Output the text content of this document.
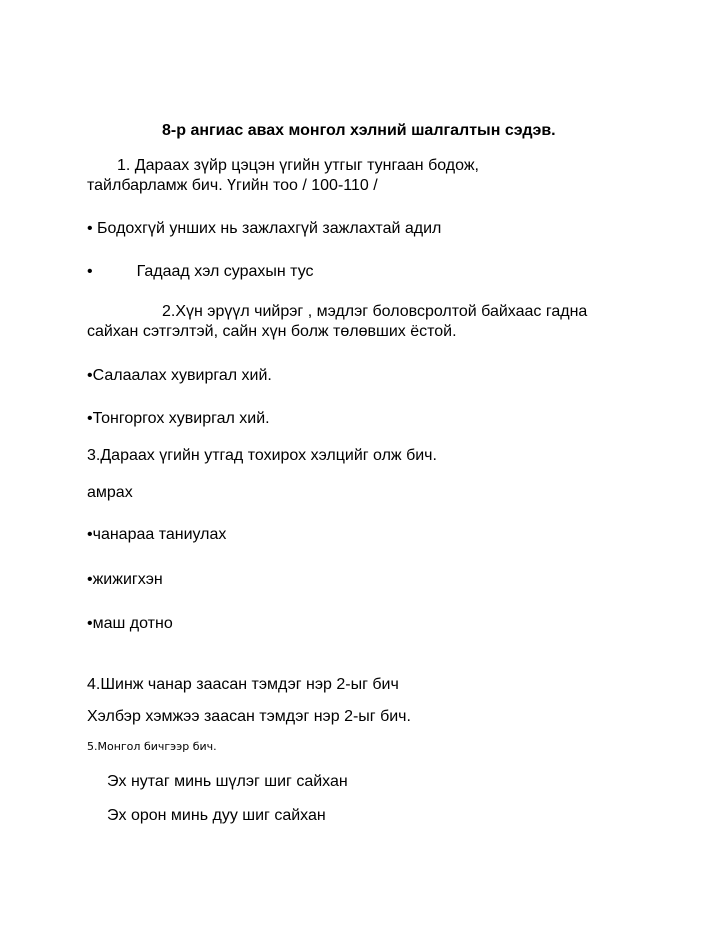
8-р ангиас авах монгол хэлний шалгалтын сэдэв.

1. Дараах зүйр цэцэн үгийн утгыг тунгаан бодож,

тайлбарламж бич. Үгийн тоо / 100-110 /

• Бодохгүй унших нь зажлахгүй зажлахтай адил

•	Гадаад хэл сурахын тус

2.Хүн эрүүл чийрэг , мэдлэг боловсролтой байхаас гадна

сайхан сэтгэлтэй, сайн хүн болж төлөвших ёстой.

•Салаалах хувиргал хий.

•Тонгоргох хувиргал хий.

3.Дараах үгийн утгад тохирох хэлцийг олж бич.

амрах

•чанараа таниулах

•жижигхэн

•маш дотно

4.Шинж чанар заасан тэмдэг нэр 2-ыг бич

Хэлбэр хэмжээ заасан тэмдэг нэр 2-ыг бич.

5.Монгол бичгээр бич.

Эх нутаг минь шүлэг шиг сайхан

Эх орон минь дуу шиг сайхан
